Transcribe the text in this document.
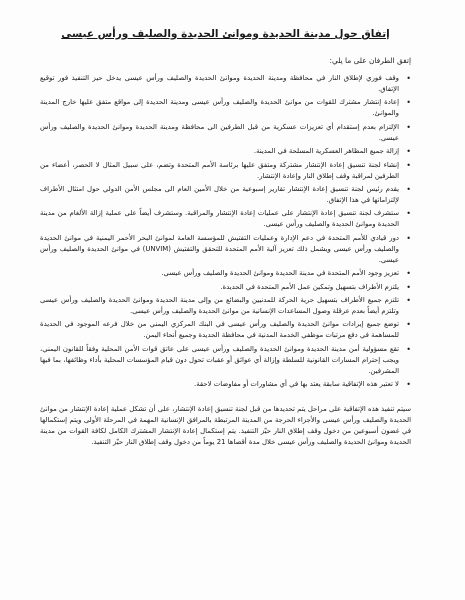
إتفاق حول مدينة الحديدة وموانئ الحديدة والصليف ورأس عيسى

إتفق الطرفان على ما يلي:

•
وقف فوري لإطلاق النار في محافظة ومدينة الحديدة وموانئ الحديدة والصليف ورأس عيسى يدخل حيز التنفيذ فور توقيع الإتفاق.
•
إعادة إنتشار مشترك للقوات من موانئ الحديدة والصليف ورأس عيسى ومدينة الحديدة إلى مواقع متفق عليها خارج المدينة والموانئ.
•
الإلتزام بعدم إستقدام أي تعزيزات عسكرية من قبل الطرفين الى محافظة ومدينة الحديدة وموانئ الحديدة والصليف ورأس عيسى.
•
إزالة جميع المظاهر العسكرية المسلحة في المدينة.
•
إنشاء لجنة تنسيق إعادة الإنتشار مشتركة ومتفق عليها برئاسة الأمم المتحدة وتضم، على سبيل المثال لا الحصر، أعضاء من الطرفين لمراقبة وقف إطلاق النار وإعادة الإنتشار.
•
يقدم رئيس لجنة تنسيق إعادة الإنتشار تقارير إسبوعية من خلال الأمين العام الى مجلس الأمن الدولي حول امتثال الأطراف لإلتزاماتها في هذا الإتفاق.
•
ستشرف لجنة تنسيق إعادة الإنتشار على عمليات إعادة الإنتشار والمراقبة. وستشرف أيضاً على عملية إزالة الألغام من مدينة الحديدة وموانئ الحديدة والصليف ورأس عيسى.
•
دور قيادي للأمم المتحدة في دعم الإدارة وعمليات التفتيش للمؤسسة العامة لموانئ البحر الأحمر اليمنية في موانئ الحديدة والصليف ورأس عيسى ويشمل ذلك تعزيز آلية الأمم المتحدة للتحقق والتفتيش (UNVIM) في موانئ الحديدة والصليف ورأس عيسى.
•
تعزيز وجود الأمم المتحدة في مدينة الحديدة وموانئ الحديدة والصليف ورأس عيسى.
•
يلتزم الأطراف بتسهيل وتمكين عمل الأمم المتحدة في الحديدة.
•
تلتزم جميع الأطراف بتسهيل حرية الحركة للمدنيين والبضائع من وإلى مدينة الحديدة وموانئ الحديدة والصليف ورأس عيسى وتلتزم أيضاً بعدم عرقلة وصول المساعدات الإنسانية من موانئ الحديدة والصليف ورأس عيسى.
•
توضع جميع إيرادات موانئ الحديدة والصليف ورأس عيسى في البنك المركزي اليمني من خلال فرعه الموجود في الحديدة للمساهمة في دفع مرتبات موظفي الخدمة المدنية في محافظة الحديدة وجميع أنحاء اليمن.
•
تقع مسؤولية أمن مدينة الحديدة وموانئ الحديدة والصليف ورأس عيسى على عاتق قوات الأمن المحلية وفقاً للقانون اليمني، ويجب إحترام المسارات القانونية للسلطة وإزالة أي عوائق أو عقبات تحول دون قيام المؤسسات المحلية بأداء وظائفها، بما فيها المشرفين.
•
لا تعتبر هذه الإتفاقية سابقة يعتد بها في أي مشاورات أو مفاوضات لاحقة.

سيتم تنفيذ هذه الإتفاقية على مراحل يتم تحديدها من قبل لجنة تنسيق إعادة الإنتشار، على أن تشكل عملية إعادة الإنتشار من موانئ الحديدة والصليف ورأس عيسى والأجزاء الحرجة من المدينة المرتبطة بالمرافق الإنسانية المهمة في المرحلة الأولى ويتم إستكمالها في غضون أسبوعين من دخول وقف إطلاق النار حيّز التنفيذ. يتم إستكمال إعادة الإنتشار المشترك الكامل لكافة القوات من مدينة الحديدة وموانئ الحديدة والصليف ورأس عيسى خلال مدة أقصاها 21 يوماً من دخول وقف إطلاق النار حيّز التنفيذ.
